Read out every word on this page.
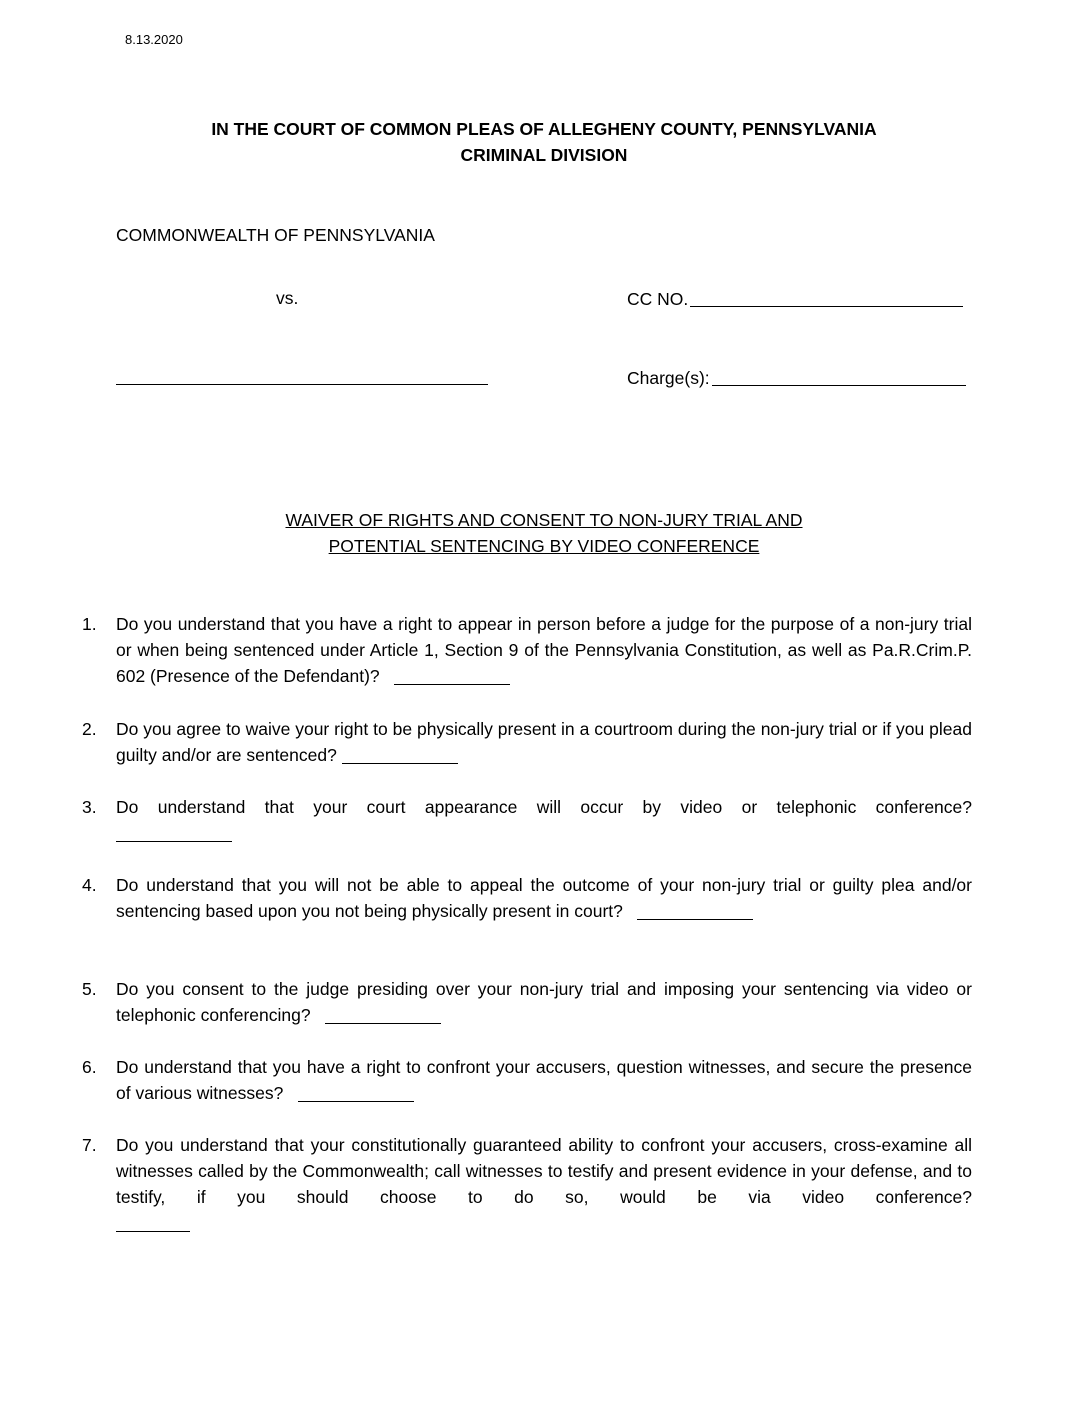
8.13.2020
IN THE COURT OF COMMON PLEAS OF ALLEGHENY COUNTY, PENNSYLVANIA
CRIMINAL DIVISION
COMMONWEALTH OF PENNSYLVANIA
vs.	CC NO.
Charge(s):
WAIVER OF RIGHTS AND CONSENT TO NON-JURY TRIAL AND
POTENTIAL SENTENCING BY VIDEO CONFERENCE
1.	Do you understand that you have a right to appear in person before a judge for the purpose of a non-jury trial or when being sentenced under Article 1, Section 9 of the Pennsylvania Constitution, as well as Pa.R.Crim.P. 602 (Presence of the Defendant)?
2.	Do you agree to waive your right to be physically present in a courtroom during the non-jury trial or if you plead guilty and/or are sentenced?
3.	Do understand that your court appearance will occur by video or telephonic conference?
4.	Do understand that you will not be able to appeal the outcome of your non-jury trial or guilty plea and/or sentencing based upon you not being physically present in court?
5.	Do you consent to the judge presiding over your non-jury trial and imposing your sentencing via video or telephonic conferencing?
6.	Do understand that you have a right to confront your accusers, question witnesses, and secure the presence of various witnesses?
7.	Do you understand that your constitutionally guaranteed ability to confront your accusers, cross-examine all witnesses called by the Commonwealth; call witnesses to testify and present evidence in your defense, and to testify, if you should choose to do so, would be via video conference?
